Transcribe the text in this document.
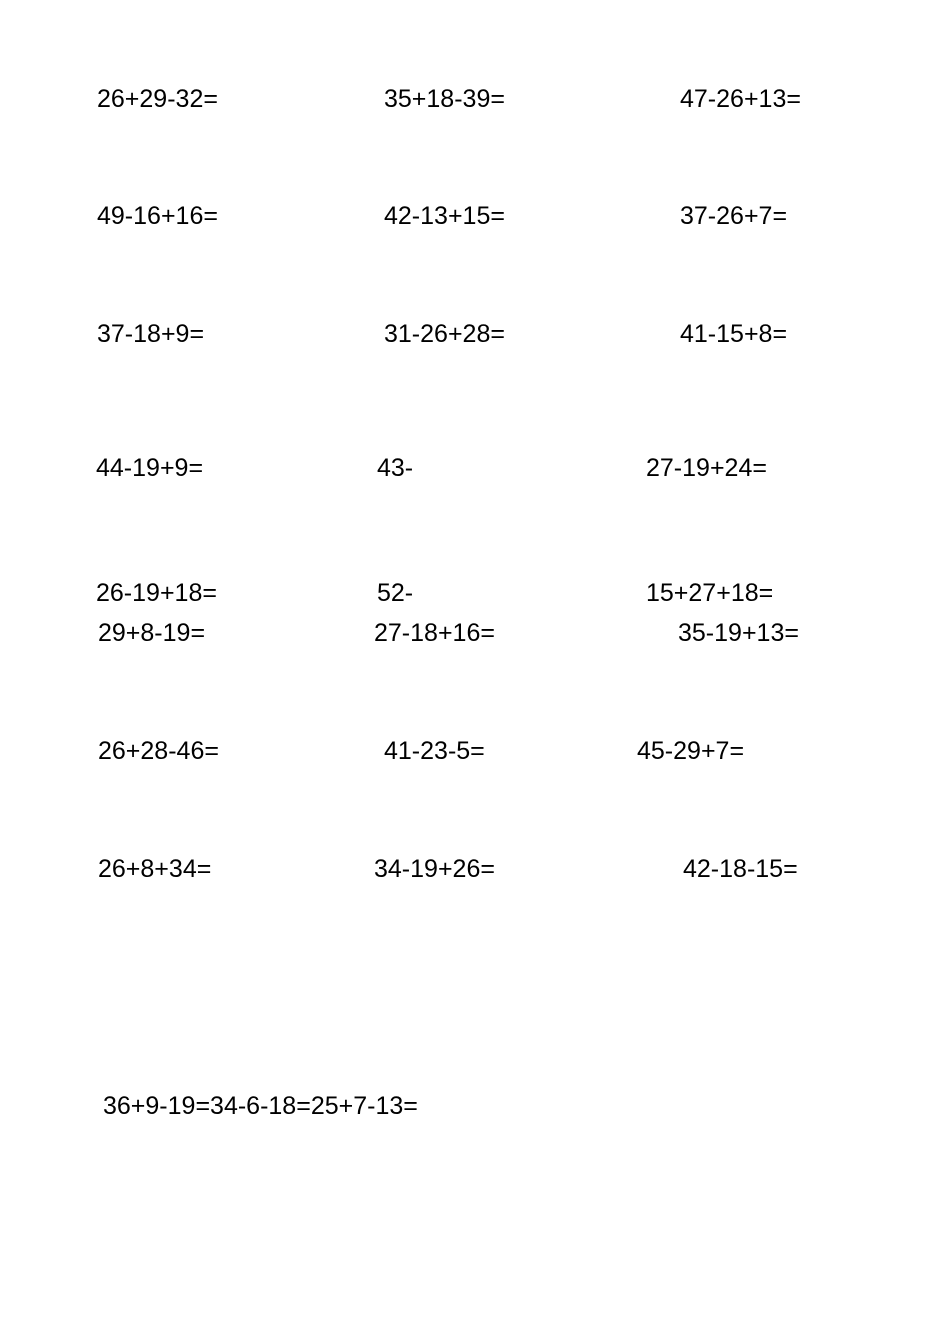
26+29-32=	35+18-39=	47-26+13=
49-16+16=	42-13+15=	37-26+7=
37-18+9=	31-26+28=	41-15+8=
44-19+9=	43-	27-19+24=
26-19+18=	52-	15+27+18=
29+8-19=	27-18+16=	35-19+13=
26+28-46=	41-23-5=	45-29+7=
26+8+34=	34-19+26=	42-18-15=
36+9-19=34-6-18=25+7-13=
